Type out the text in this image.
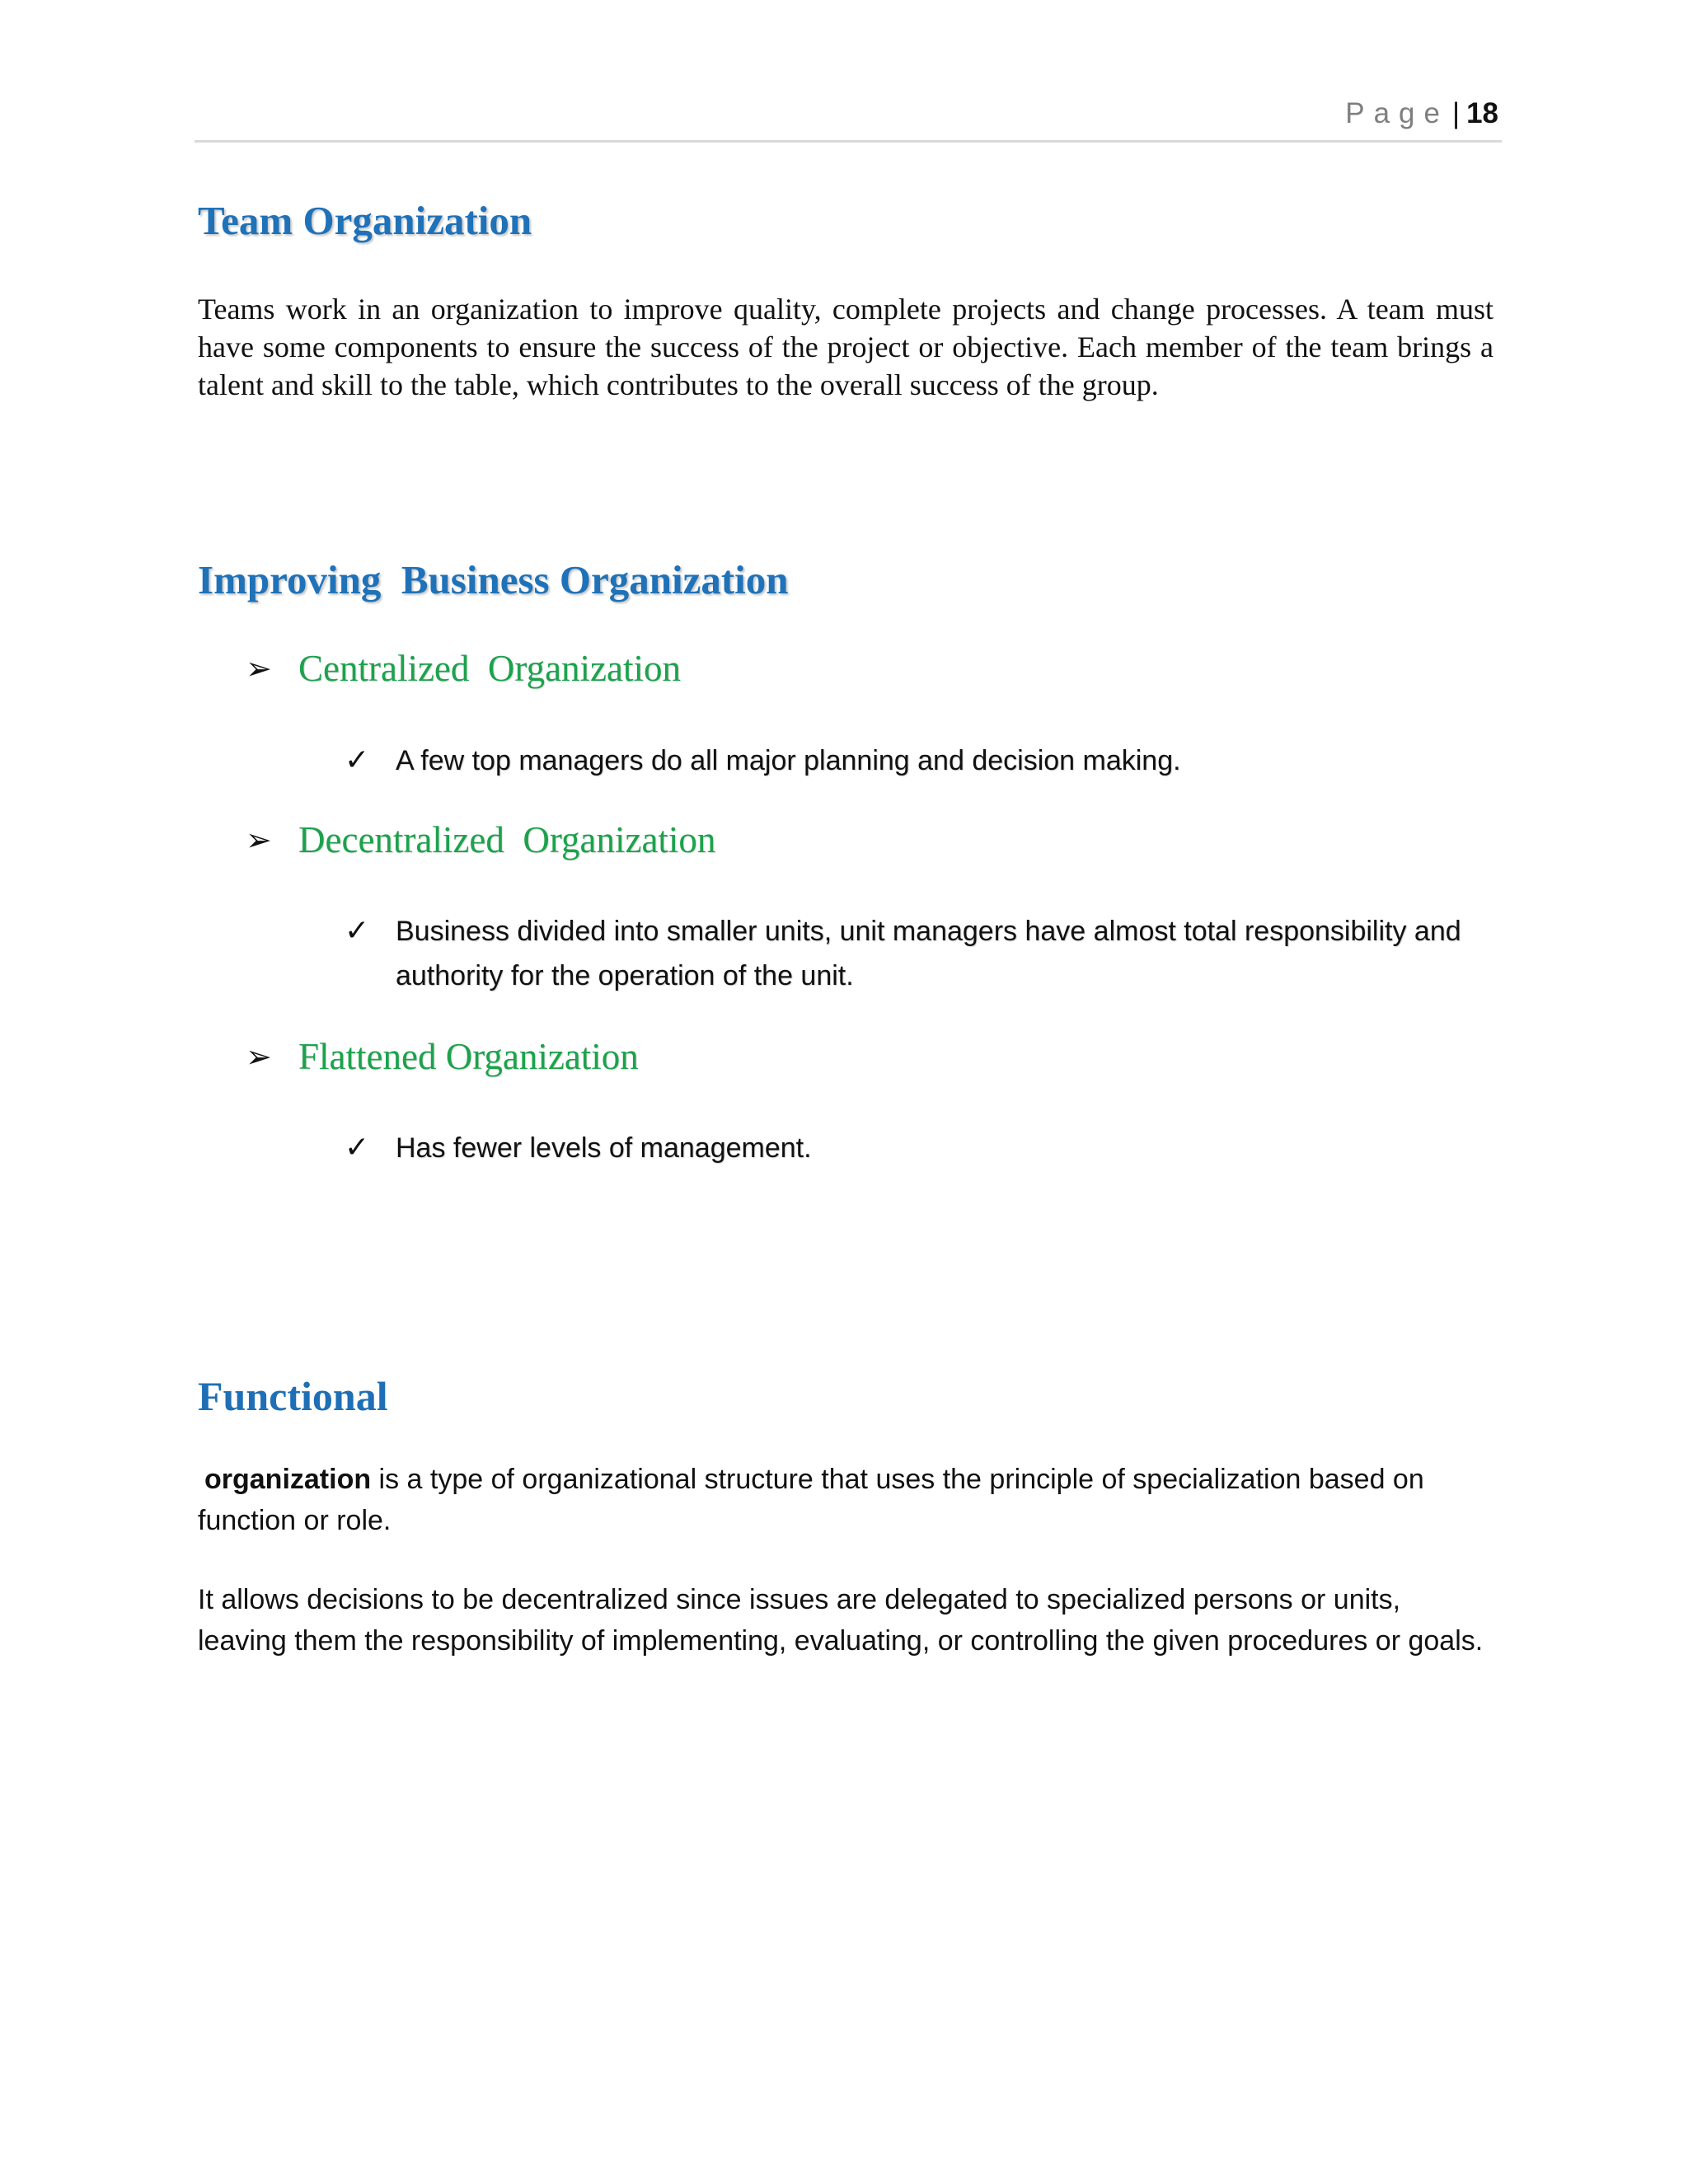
Page | 18
Team Organization

Teams work in an organization to improve quality, complete projects and change processes. A team must have some components to ensure the success of the project or objective. Each member of the team brings a talent and skill to the table, which contributes to the overall success of the group.

Improving  Business Organization
➢ Centralized  Organization
✓ A few top managers do all major planning and decision making.
➢ Decentralized  Organization
✓ Business divided into smaller units, unit managers have almost total responsibility and authority for the operation of the unit.
➢ Flattened Organization
✓ Has fewer levels of management.
Functional

organization is a type of organizational structure that uses the principle of specialization based on function or role.

It allows decisions to be decentralized since issues are delegated to specialized persons or units, leaving them the responsibility of implementing, evaluating, or controlling the given procedures or goals.
